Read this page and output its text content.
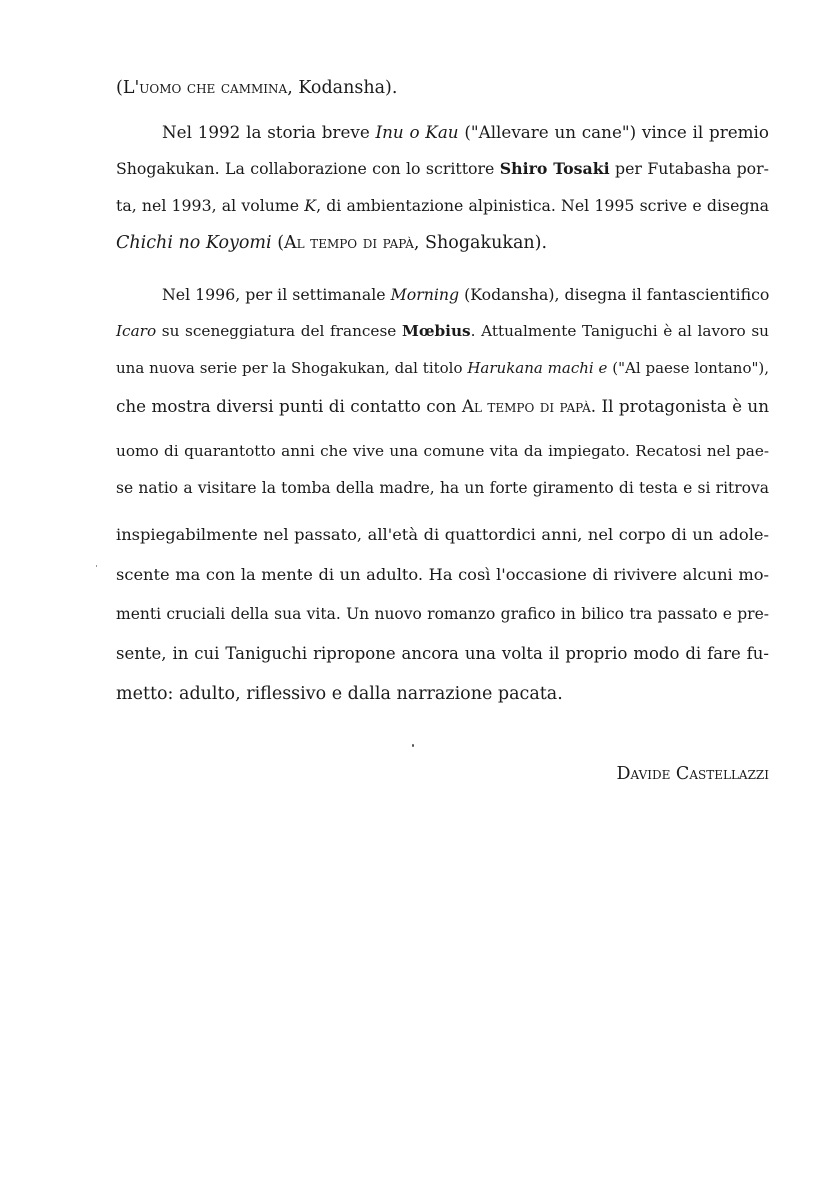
(L'uomo che cammina, Kodansha).
Nel 1992 la storia breve Inu o Kau ("Allevare un cane") vince il premio
Shogakukan. La collaborazione con lo scrittore Shiro Tosaki per Futabasha por-
ta, nel 1993, al volume K, di ambientazione alpinistica. Nel 1995 scrive e disegna
Chichi no Koyomi (Al tempo di papà, Shogakukan).
Nel 1996, per il settimanale Morning (Kodansha), disegna il fantascientifico
Icaro su sceneggiatura del francese Mœbius. Attualmente Taniguchi è al lavoro su
una nuova serie per la Shogakukan, dal titolo Harukana machi e ("Al paese lontano"),
che mostra diversi punti di contatto con Al tempo di papà. Il protagonista è un
uomo di quarantotto anni che vive una comune vita da impiegato. Recatosi nel pae-
se natio a visitare la tomba della madre, ha un forte giramento di testa e si ritrova
inspiegabilmente nel passato, all'età di quattordici anni, nel corpo di un adole-
scente ma con la mente di un adulto. Ha così l'occasione di rivivere alcuni mo-
menti cruciali della sua vita. Un nuovo romanzo grafico in bilico tra passato e pre-
sente, in cui Taniguchi ripropone ancora una volta il proprio modo di fare fu-
metto: adulto, riflessivo e dalla narrazione pacata.
Davide Castellazzi
